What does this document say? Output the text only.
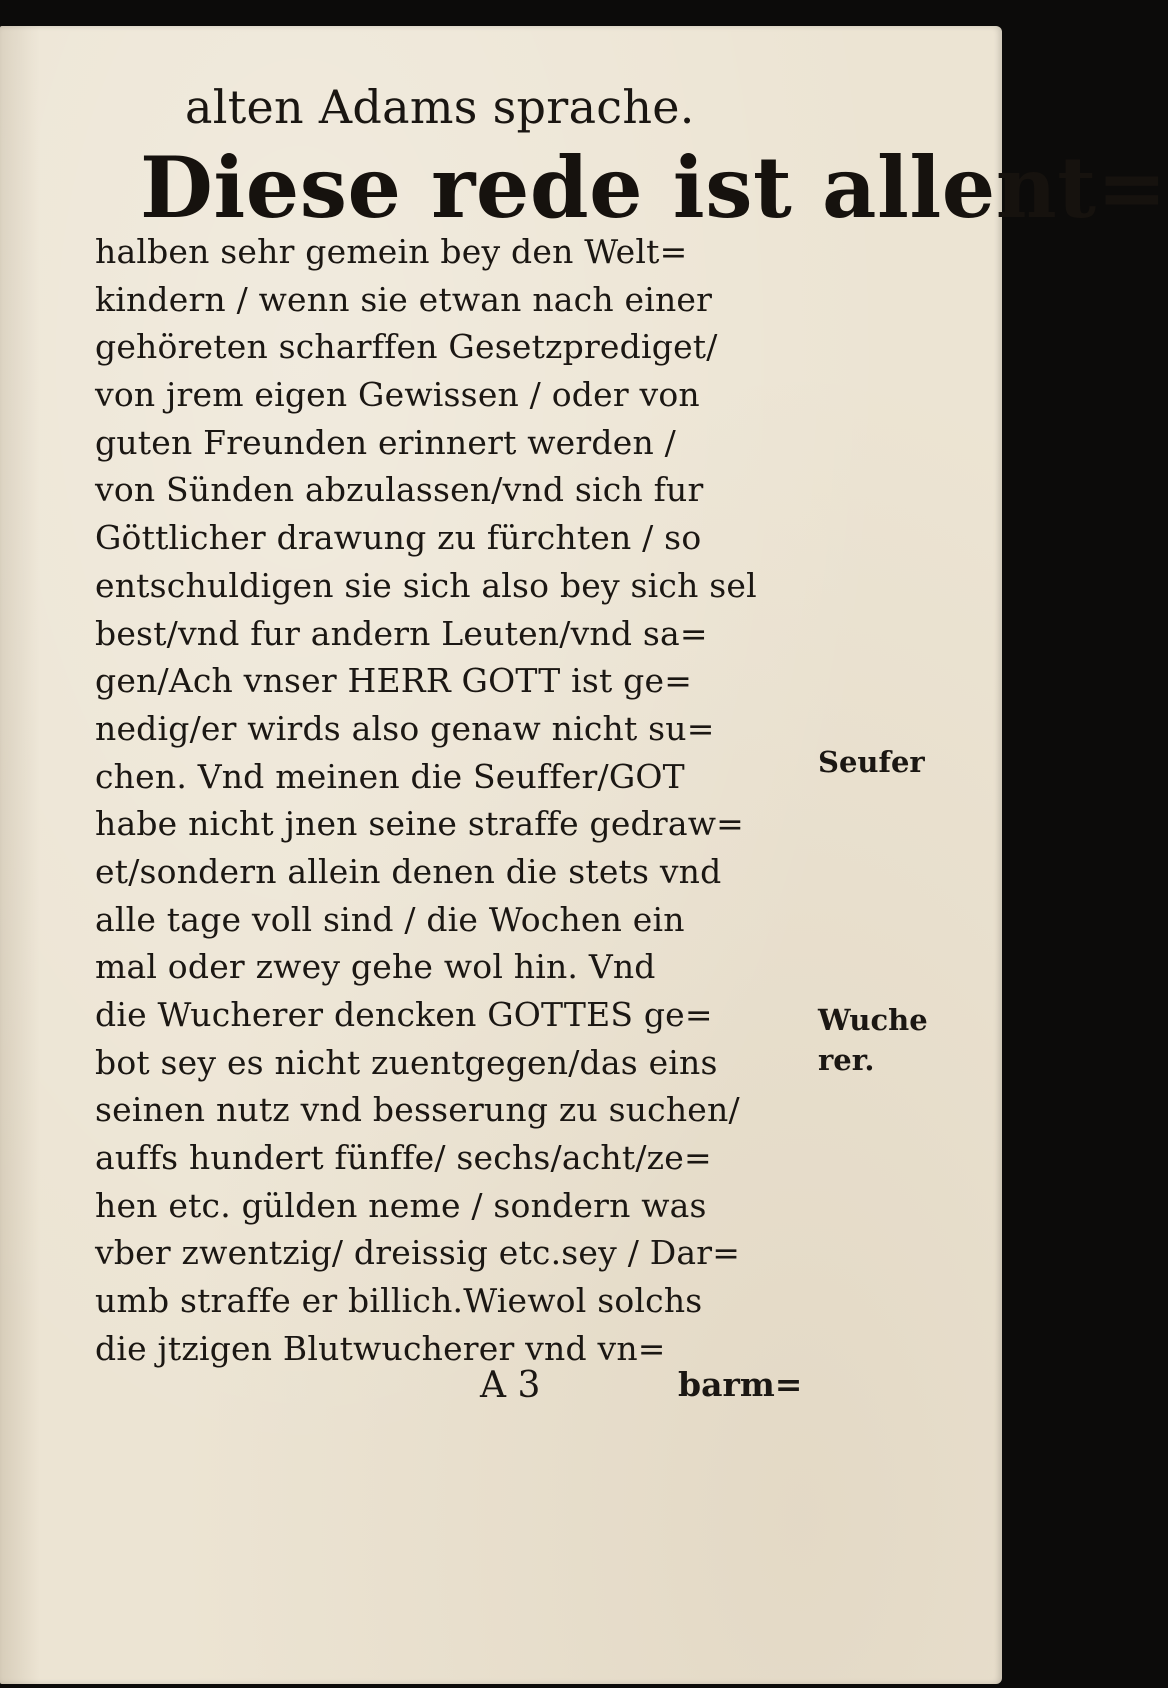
alten Adams sprache.
Diese rede ist allent=
halben sehr gemein bey den Welt=
kindern / wenn sie etwan nach einer
gehöreten scharffen Gesetzprediget/
von jrem eigen Gewissen / oder von
guten Freunden erinnert werden /
von Sünden abzulassen/vnd sich fur
Göttlicher drawung zu fürchten / so
entschuldigen sie sich also bey sich sel
best/vnd fur andern Leuten/vnd sa=
gen/Ach vnser HERR GOTT ist ge=
nedig/er wirds also genaw nicht su=
chen. Vnd meinen die Seuffer/GOT
habe nicht jnen seine straffe gedraw=
et/sondern allein denen die stets vnd
alle tage voll sind / die Wochen ein
mal oder zwey gehe wol hin. Vnd
die Wucherer dencken GOTTES ge=
bot sey es nicht zuentgegen/das eins
seinen nutz vnd besserung zu suchen/
auffs hundert fünffe/ sechs/acht/ze=
hen etc. gülden neme / sondern was
vber zwentzig/ dreissig etc.sey / Dar=
umb straffe er billich.Wiewol solchs
die jtzigen Blutwucherer vnd vn=
Seufer
Wuche
rer.
A 3	barm=
